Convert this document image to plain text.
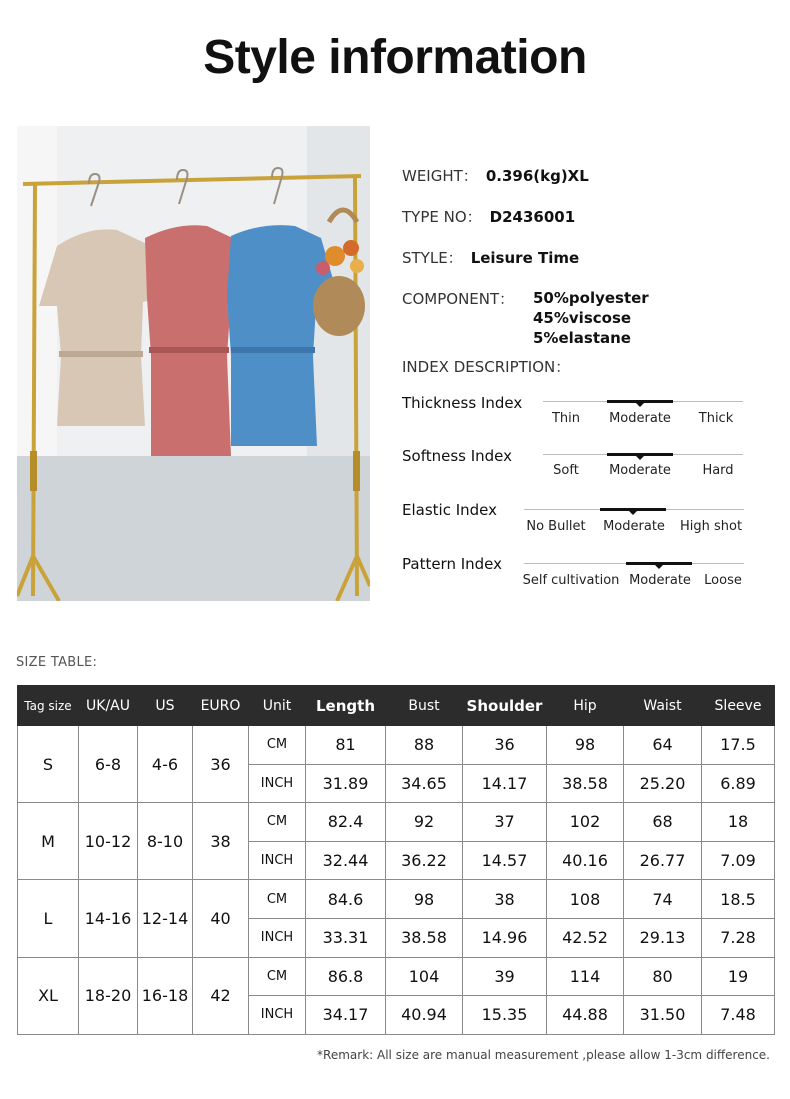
Style information
WEIGHT： 0.396(kg)XL
TYPE NO： D2436001
STYLE： Leisure Time
COMPONENT： 50%polyester
45%viscose
5%elastane
INDEX DESCRIPTION：
Thickness Index
Thin Moderate Thick
Softness Index
Soft Moderate Hard
Elastic Index
No Bullet Moderate High shot
Pattern Index
Self cultivation Moderate Loose
SIZE TABLE:
Tag size	UK/AU	US	EURO	Unit	Length	Bust	Shoulder	Hip	Waist	Sleeve
S	6-8	4-6	36	CM	81	88	36	98	64	17.5
				INCH	31.89	34.65	14.17	38.58	25.20	6.89
M	10-12	8-10	38	CM	82.4	92	37	102	68	18
				INCH	32.44	36.22	14.57	40.16	26.77	7.09
L	14-16	12-14	40	CM	84.6	98	38	108	74	18.5
				INCH	33.31	38.58	14.96	42.52	29.13	7.28
XL	18-20	16-18	42	CM	86.8	104	39	114	80	19
				INCH	34.17	40.94	15.35	44.88	31.50	7.48
*Remark: All size are manual measurement ,please allow 1-3cm difference.
